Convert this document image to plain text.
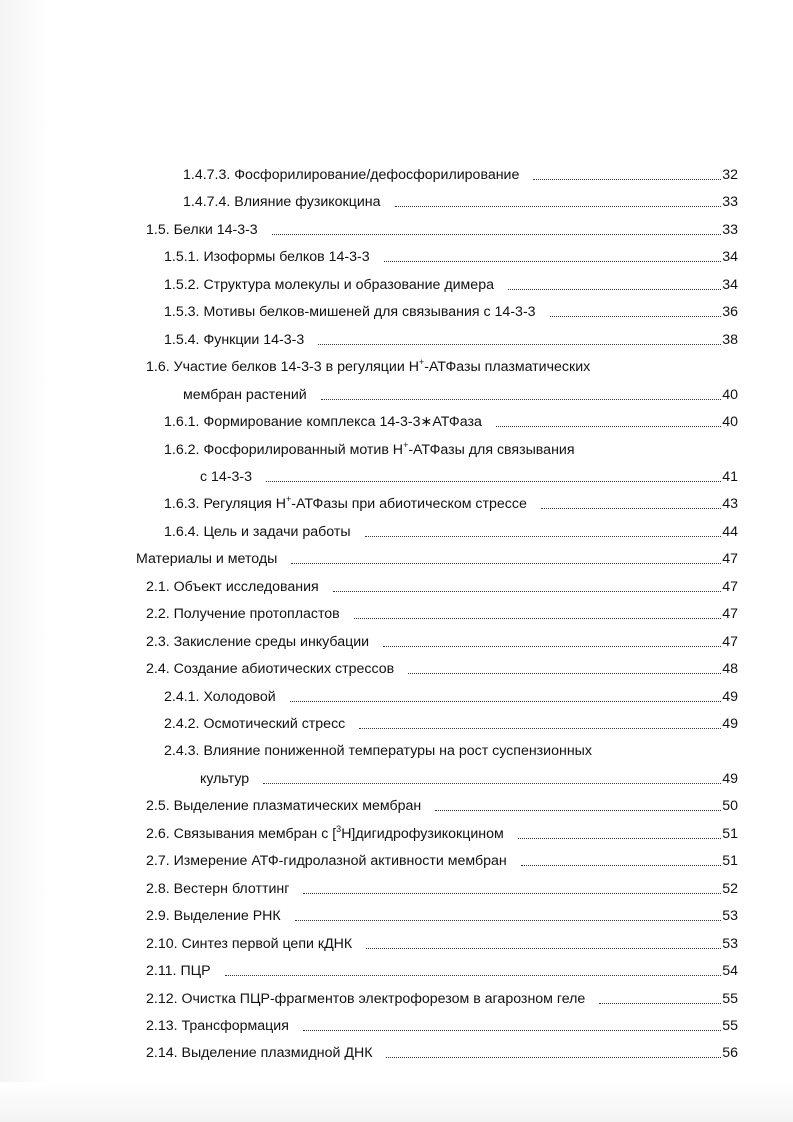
1.4.7.3. Фосфорилирование/дефосфорилирование	32
1.4.7.4. Влияние фузикокцина	33
1.5. Белки 14-3-3	33
1.5.1. Изоформы белков 14-3-3	34
1.5.2. Структура молекулы и образование димера	34
1.5.3. Мотивы белков-мишеней для связывания с 14-3-3	36
1.5.4. Функции 14-3-3	38
1.6. Участие белков 14-3-3 в регуляции H+-АТФазы плазматических
мембран растений	40
1.6.1. Формирование комплекса 14-3-3∗АТФаза	40
1.6.2. Фосфорилированный мотив H+-АТФазы для связывания
с 14-3-3	41
1.6.3. Регуляция H+-АТФазы при абиотическом стрессе	43
1.6.4. Цель и задачи работы	44
Материалы и методы	47
2.1. Объект исследования	47
2.2. Получение протопластов	47
2.3. Закисление среды инкубации	47
2.4. Создание абиотических стрессов	48
2.4.1. Холодовой	49
2.4.2. Осмотический стресс	49
2.4.3. Влияние пониженной температуры на рост суспензионных
культур	49
2.5. Выделение плазматических мембран	50
2.6. Связывания мембран с [$^3$H]дигидрофузикокцином	51
2.7. Измерение АТФ-гидролазной активности мембран	51
2.8. Вестерн блоттинг	52
2.9. Выделение РНК	53
2.10. Синтез первой цепи кДНК	53
2.11. ПЦР	54
2.12. Очистка ПЦР-фрагментов электрофорезом в агарозном геле	55
2.13. Трансформация	55
2.14. Выделение плазмидной ДНК	56
